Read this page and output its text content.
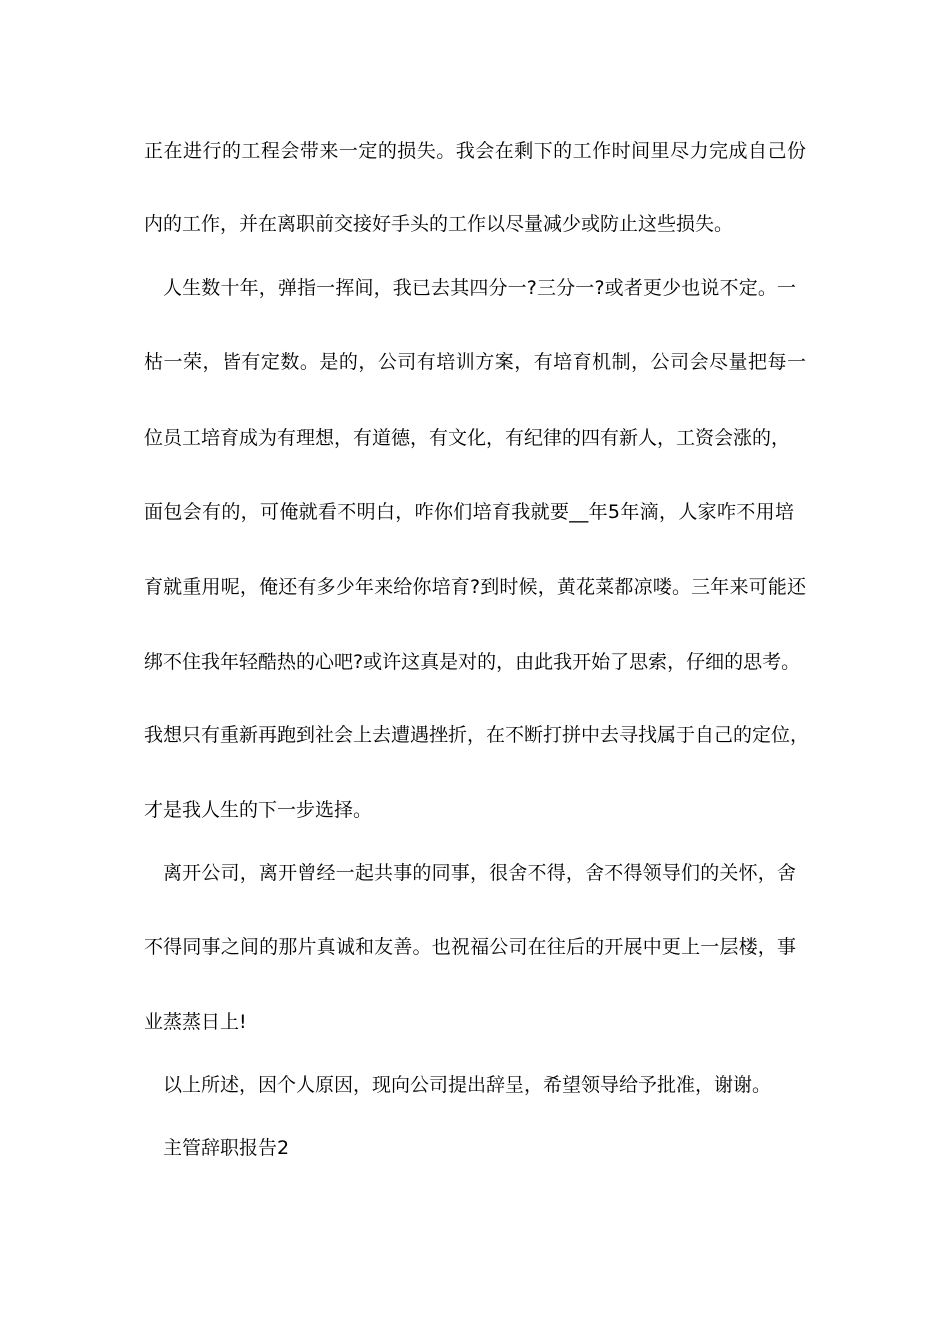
正在进行的工程会带来一定的损失。我会在剩下的工作时间里尽力完成自己份
内的工作，并在离职前交接好手头的工作以尽量减少或防止这些损失。
人生数十年，弹指一挥间，我已去其四分一?三分一?或者更少也说不定。一
枯一荣，皆有定数。是的，公司有培训方案，有培育机制，公司会尽量把每一
位员工培育成为有理想，有道德，有文化，有纪律的四有新人，工资会涨的，
面包会有的，可俺就看不明白，咋你们培育我就要__年5年滴，人家咋不用培
育就重用呢，俺还有多少年来给你培育?到时候，黄花菜都凉喽。三年来可能还
绑不住我年轻酷热的心吧?或许这真是对的，由此我开始了思索，仔细的思考。
我想只有重新再跑到社会上去遭遇挫折，在不断打拼中去寻找属于自己的定位，
才是我人生的下一步选择。
离开公司，离开曾经一起共事的同事，很舍不得，舍不得领导们的关怀，舍
不得同事之间的那片真诚和友善。也祝福公司在往后的开展中更上一层楼，事
业蒸蒸日上!
以上所述，因个人原因，现向公司提出辞呈，希望领导给予批准，谢谢。
主管辞职报告2
